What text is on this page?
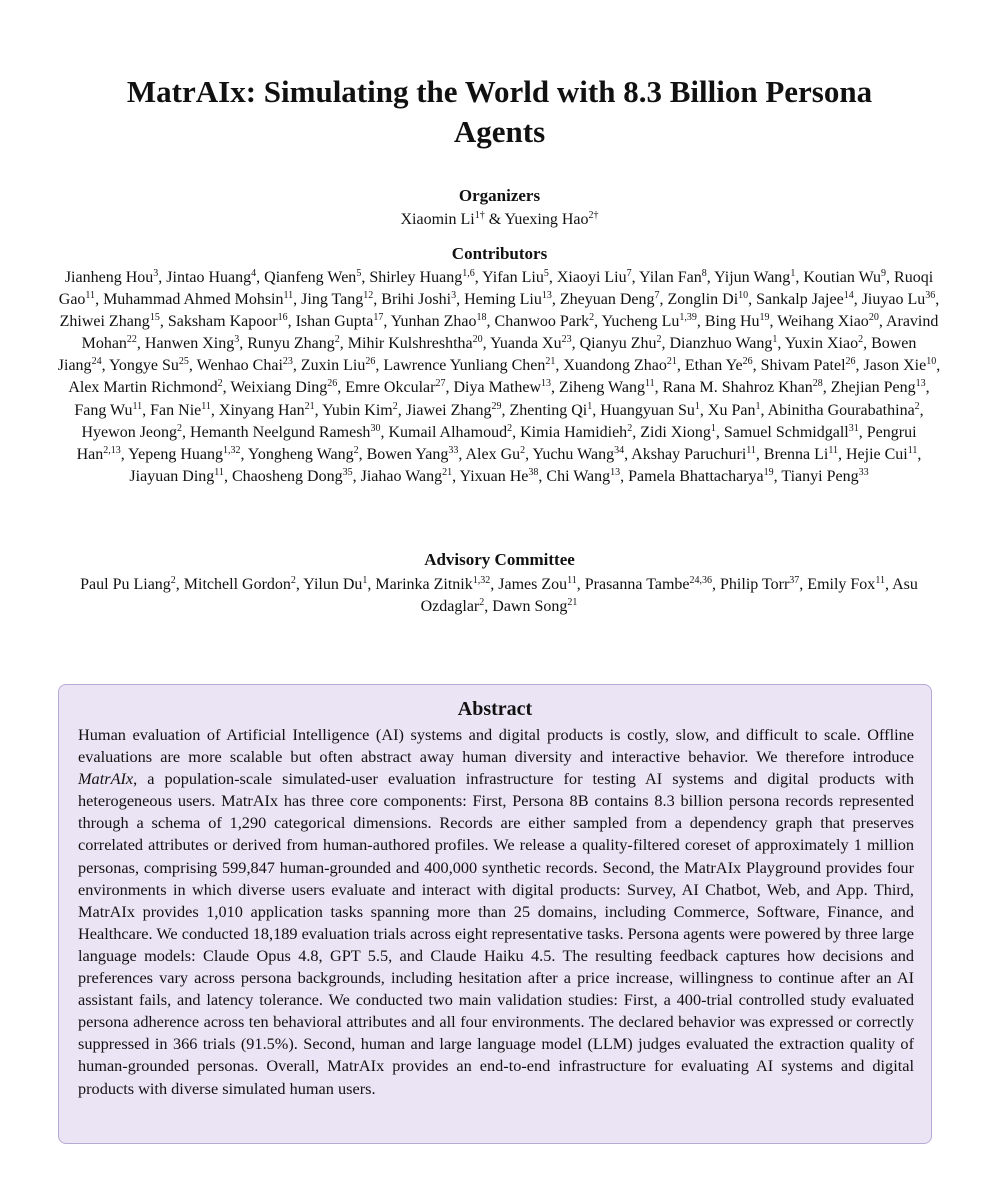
MatrAIx: Simulating the World with 8.3 Billion Persona Agents
Organizers
Xiaomin $Li^{1\dagger}$ & Yuexing Hao$^{2\dagger}$
Contributors
Jianheng Hou$^3$, Jintao Huang$^4$, Qianfeng Wen$^5$, Shirley Huang$^{1,6}$, Yifan Liu$^5$, Xiaoyi Liu$^7$, Yilan Fan$^8$, Yijun Wang$^1$, Koutian Wu$^9$, Ruoqi Gao$^{11}$, Muhammad Ahmed Mohsin$^{11}$, Jing Tang$^{12}$, Brihi Joshi$^3$, Heming Liu$^{13}$, Zheyuan Deng$^7$, Zonglin Di$^{10}$, Sankalp Jajee$^{14}$, Jiuyao Lu$^{36}$, Zhiwei Zhang$^{15}$, Saksham Kapoor$^{16}$, Ishan Gupta$^{17}$, Yunhan Zhao$^{18}$, Chanwoo Park$^2$, Yucheng Lu$^{1,39}$, Bing Hu$^{19}$, Weihang Xiao$^{20}$, Aravind Mohan$^{22}$, Hanwen Xing$^3$, Runyu Zhang$^2$, Mihir Kulshreshtha$^{20}$, Yuanda Xu$^{23}$, Qianyu Zhu$^2$, Dianzhuo Wang$^1$, Yuxin Xiao$^2$, Bowen Jiang$^{24}$, Yongye Su$^{25}$, Wenhao Chai$^{23}$, Zuxin Liu$^{26}$, Lawrence Yunliang Chen$^{21}$, Xuandong Zhao$^{21}$, Ethan Ye$^{26}$, Shivam Patel$^{26}$, Jason Xie$^{10}$, Alex Martin Richmond$^2$, Weixiang Ding$^{26}$, Emre Okcular$^{27}$, Diya Mathew$^{13}$, Ziheng Wang$^{11}$, Rana M. Shahroz Khan$^{28}$, Zhejian Peng$^{13}$, Fang Wu$^{11}$, Fan Nie$^{11}$, Xinyang Han$^{21}$, Yubin Kim$^2$, Jiawei Zhang$^{29}$, Zhenting Qi$^1$, Huangyuan Su$^1$, Xu Pan$^1$, Abinitha Gourabathina$^2$, Hyewon Jeong$^2$, Hemanth Neelgund Ramesh$^{30}$, Kumail Alhamoud$^2$, Kimia Hamidieh$^2$, Zidi Xiong$^1$, Samuel Schmidgall$^{31}$, Pengrui Han$^{2,13}$, Yepeng Huang$^{1,32}$, Yongheng Wang$^2$, Bowen Yang$^{33}$, Alex Gu$^2$, Yuchu Wang$^{34}$, Akshay Paruchuri$^{11}$, Brenna Li$^{11}$, Hejie Cui$^{11}$, Jiayuan Ding$^{11}$, Chaosheng Dong$^{35}$, Jiahao Wang$^{21}$, Yixuan He$^{38}$, Chi Wang$^{13}$, Pamela Bhattacharya$^{19}$, Tianyi Peng$^{33}$
Advisory Committee
Paul Pu Liang$^2$, Mitchell Gordon$^2$, Yilun Du$^1$, Marinka Zitnik$^{1,32}$, James Zou$^{11}$, Prasanna Tambe$^{24,36}$, Philip Torr$^{37}$, Emily Fox$^{11}$, Asu Ozdaglar$^2$, Dawn Song$^{21}$
Abstract
Human evaluation of Artificial Intelligence (AI) systems and digital products is costly, slow, and difficult to scale. Offline evaluations are more scalable but often abstract away human diversity and interactive behavior. We therefore introduce MatrAIx, a population-scale simulated-user evaluation infrastructure for testing AI systems and digital products with heterogeneous users. MatrAIx has three core components: First, Persona 8B contains 8.3 billion persona records represented through a schema of 1,290 categorical dimensions. Records are either sampled from a dependency graph that preserves correlated attributes or derived from human-authored profiles. We release a quality-filtered coreset of approximately 1 million personas, comprising 599,847 human-grounded and 400,000 synthetic records. Second, the MatrAIx Playground provides four environments in which diverse users evaluate and interact with digital products: Survey, AI Chatbot, Web, and App. Third, MatrAIx provides 1,010 application tasks spanning more than 25 domains, including Commerce, Software, Finance, and Healthcare. We conducted 18,189 evaluation trials across eight representative tasks. Persona agents were powered by three large language models: Claude Opus 4.8, GPT 5.5, and Claude Haiku 4.5. The resulting feedback captures how decisions and preferences vary across persona backgrounds, including hesitation after a price increase, willingness to continue after an AI assistant fails, and latency tolerance. We conducted two main validation studies: First, a 400-trial controlled study evaluated persona adherence across ten behavioral attributes and all four environments. The declared behavior was expressed or correctly suppressed in 366 trials (91.5%). Second, human and large language model (LLM) judges evaluated the extraction quality of human-grounded personas. Overall, MatrAIx provides an end-to-end infrastructure for evaluating AI systems and digital products with diverse simulated human users.
